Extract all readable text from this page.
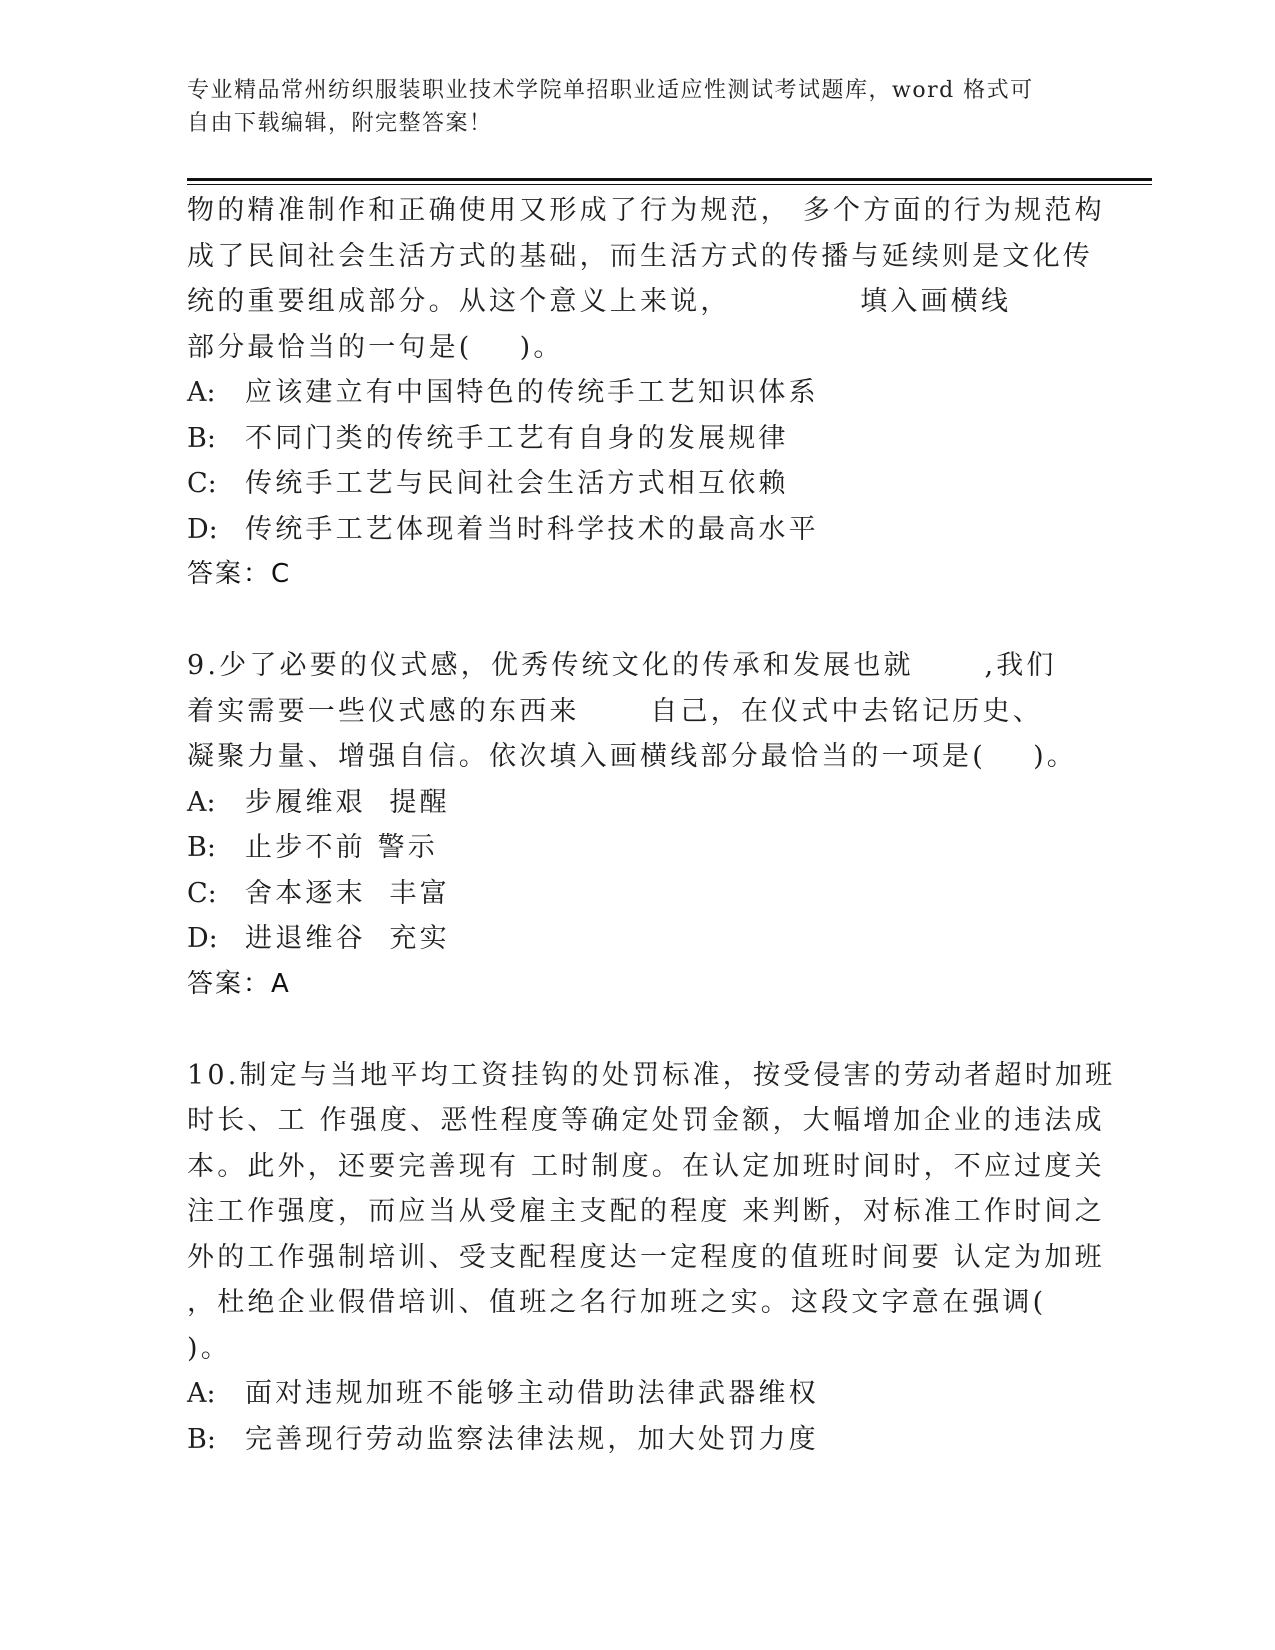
专业精品常州纺织服装职业技术学院单招职业适应性测试考试题库，word 格式可
自由下载编辑，附完整答案！
物的精准制作和正确使用又形成了行为规范， 多个方面的行为规范构
成了民间社会生活方式的基础，而生活方式的传播与延续则是文化传
统的重要组成部分。从这个意义上来说，           填入画横线
部分最恰当的一句是(    )。
A: 应该建立有中国特色的传统手工艺知识体系
B: 不同门类的传统手工艺有自身的发展规律
C: 传统手工艺与民间社会生活方式相互依赖
D: 传统手工艺体现着当时科学技术的最高水平
答案：C
9.少了必要的仪式感，优秀传统文化的传承和发展也就      ,我们
着实需要一些仪式感的东西来      自己，在仪式中去铭记历史、
凝聚力量、增强自信。依次填入画横线部分最恰当的一项是(    )。
A: 步履维艰  提醒
B: 止步不前 警示
C: 舍本逐末  丰富
D: 进退维谷  充实
答案：A
10.制定与当地平均工资挂钩的处罚标准，按受侵害的劳动者超时加班
时长、工 作强度、恶性程度等确定处罚金额，大幅增加企业的违法成
本。此外，还要完善现有 工时制度。在认定加班时间时，不应过度关
注工作强度，而应当从受雇主支配的程度 来判断，对标准工作时间之
外的工作强制培训、受支配程度达一定程度的值班时间要 认定为加班
，杜绝企业假借培训、值班之名行加班之实。这段文字意在强调(
)。
A: 面对违规加班不能够主动借助法律武器维权
B: 完善现行劳动监察法律法规，加大处罚力度
